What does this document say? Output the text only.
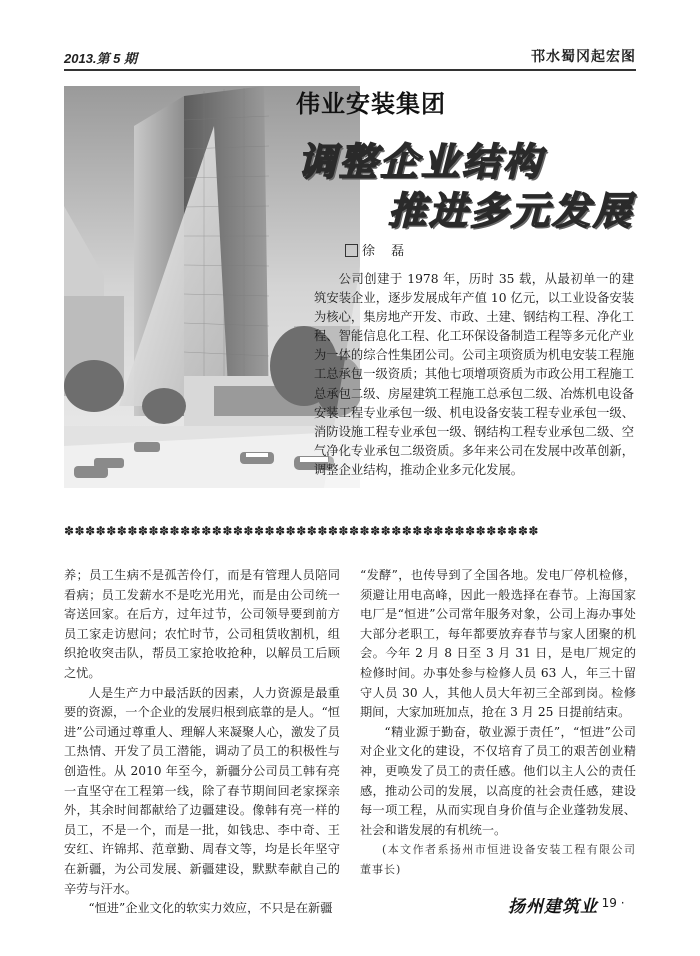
2013.第 5 期	邗水蜀冈起宏图
伟业安装集团
调整企业结构
推进多元发展
徐 磊

公司创建于 1978 年，历时 35 载，从最初单一的建筑安装企业，逐步发展成年产值 10 亿元，以工业设备安装为核心，集房地产开发、市政、土建、钢结构工程、净化工程、智能信息化工程、化工环保设备制造工程等多元化产业为一体的综合性集团公司。公司主项资质为机电安装工程施工总承包一级资质；其他七项增项资质为市政公用工程施工总承包二级、房屋建筑工程施工总承包二级、冶炼机电设备安装工程专业承包一级、机电设备安装工程专业承包一级、消防设施工程专业承包一级、钢结构工程专业承包二级、空气净化专业承包二级资质。多年来公司在发展中改革创新，调整企业结构，推动企业多元化发展。

✽✽✽✽✽✽✽✽✽✽✽✽✽✽✽✽✽✽✽✽✽✽✽✽✽✽✽✽✽✽✽✽✽✽✽✽✽✽✽✽✽✽✽✽✽

养；员工生病不是孤苦伶仃，而是有管理人员陪同看病；员工发薪水不是吃光用光，而是由公司统一寄送回家。在后方，过年过节，公司领导要到前方员工家走访慰问；农忙时节，公司租赁收割机，组织抢收突击队，帮员工家抢收抢种，以解员工后顾之忧。

人是生产力中最活跃的因素，人力资源是最重要的资源，一个企业的发展归根到底靠的是人。“恒进”公司通过尊重人、理解人来凝聚人心，激发了员工热情、开发了员工潜能，调动了员工的积极性与创造性。从 2010 年至今，新疆分公司员工韩有亮一直坚守在工程第一线，除了春节期间回老家探亲外，其余时间都献给了边疆建设。像韩有亮一样的员工，不是一个，而是一批，如钱忠、李中奇、王安红、许锦邦、范章勤、周春文等，均是长年坚守在新疆，为公司发展、新疆建设，默默奉献自己的辛劳与汗水。

“恒进”企业文化的软实力效应，不只是在新疆

“发酵”，也传导到了全国各地。发电厂停机检修，须避让用电高峰，因此一般选择在春节。上海国家电厂是“恒进”公司常年服务对象，公司上海办事处大部分老职工，每年都要放弃春节与家人团聚的机会。今年 2 月 8 日至 3 月 31 日，是电厂规定的检修时间。办事处参与检修人员 63 人，年三十留守人员 30 人，其他人员大年初三全部到岗。检修期间，大家加班加点，抢在 3 月 25 日提前结束。

“精业源于勤奋，敬业源于责任”，“恒进”公司对企业文化的建设，不仅培育了员工的艰苦创业精神，更唤发了员工的责任感。他们以主人公的责任感，推动公司的发展，以高度的社会责任感，建设每一项工程，从而实现自身价值与企业蓬勃发展、社会和谐发展的有机统一。

(本文作者系扬州市恒进设备安装工程有限公司董事长)

扬州建筑业
· 19 ·
